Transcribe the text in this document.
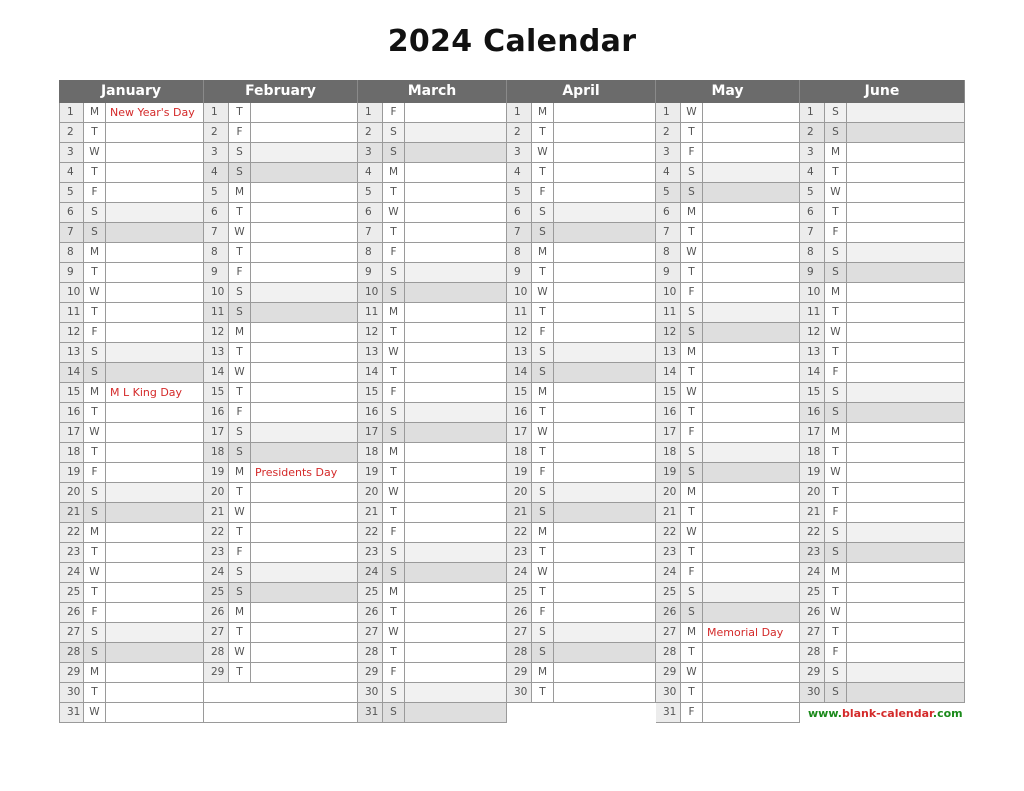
2024 Calendar
January
1	M New Year's Day
2	T
3	W
4	T
5	F
6	S
7	S
8	M
9	T
10 W
11	T
12	F
13	S
14	S
15 M M L King Day
16	T
17 W
18	T
19	F
20	S
21	S
22 M
23	T
24 W
25	T
26	F
27	S
28	S
29 M
30	T
31 W
February
1	T
2	F
3	S
4	S
5	M
6	T
7	W
8	T
9	F
10	S
11	S
12	M
13	T
14 W
15	T
16	F
17	S
18	S
19	M Presidents Day
20	T
21 W
22	T
23	F
24	S
25	S
26	M
27	T
28 W
29	T
March
1	F
2	S
3	S
4	M
5	T
6	W
7	T
8	F
9	S
10	S
11	M
12	T
13 W
14	T
15	F
16	S
17	S
18	M
19	T
20 W
21	T
22	F
23	S
24	S
25	M
26	T
27 W
28	T
29	F
30	S
31	S
April
1	M
2	T
3	W
4	T
5	F
6	S
7	S
8	M
9	T
10 W
11	T
12	F
13	S
14	S
15	M
16	T
17 W
18	T
19	F
20	S
21	S
22	M
23	T
24 W
25	T
26	F
27	S
28	S
29	M
30	T
May
1	W
2	T
3	F
4	S
5	S
6	M
7	T
8	W
9	T
10	F
11	S
12	S
13	M
14	T
15 W
16	T
17	F
18	S
19	S
20	M
21	T
22 W
23	T
24	F
25	S
26	S
27	M Memorial Day
28	T
29 W
30	T
31	F
June
1	S
2	S
3	M
4	T
5	W
6	T
7	F
8	S
9	S
10	M
11	T
12 W
13	T
14	F
15	S
16	S
17	M
18	T
19 W
20	T
21	F
22	S
23	S
24	M
25	T
26 W
27	T
28	F
29	S
30	S
www.blank-calendar.com
